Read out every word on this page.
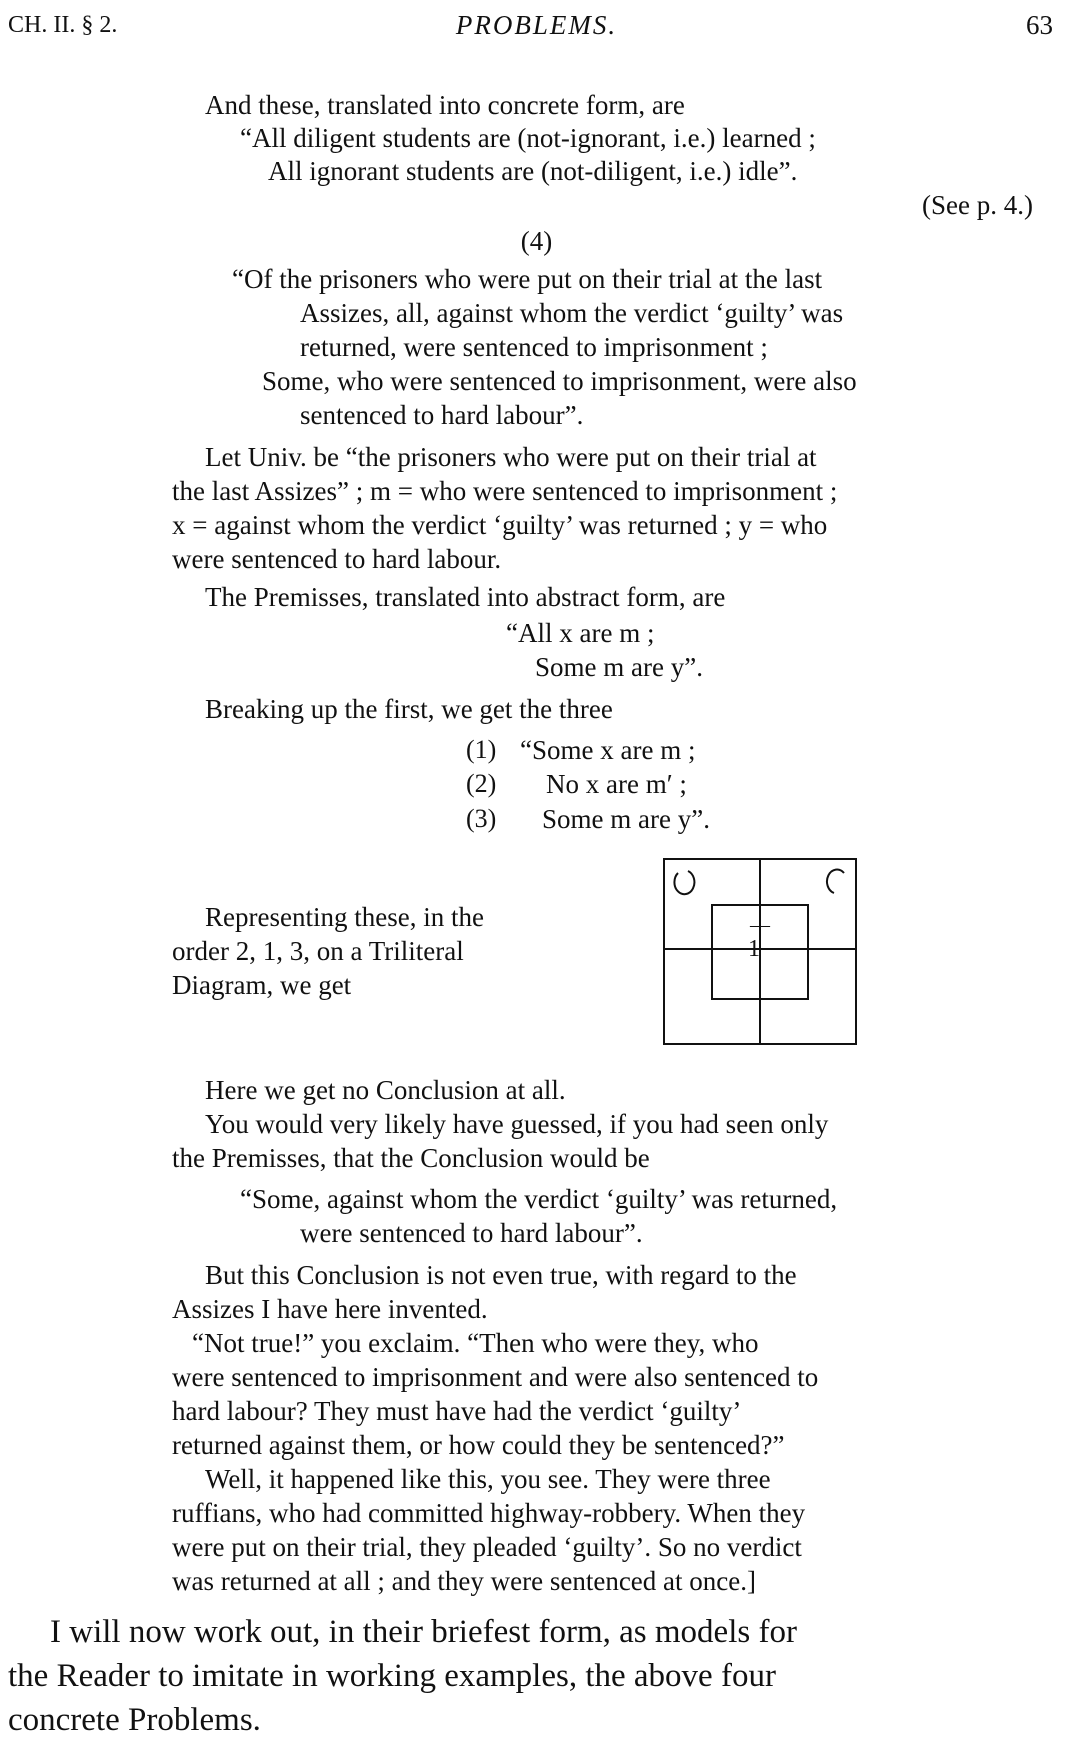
CH. II. § 2.	PROBLEMS.	63
And these, translated into concrete form, are
“All diligent students are (not-ignorant, i.e.) learned ;
All ignorant students are (not-diligent, i.e.) idle”.
(See p. 4.)
(4)
“Of the prisoners who were put on their trial at the last
Assizes, all, against whom the verdict ‘guilty’ was
returned, were sentenced to imprisonment ;
Some, who were sentenced to imprisonment, were also
sentenced to hard labour”.
Let Univ. be “the prisoners who were put on their trial at
the last Assizes” ; m = who were sentenced to imprisonment ;
x = against whom the verdict ‘guilty’ was returned ; y = who
were sentenced to hard labour.
The Premisses, translated into abstract form, are
“All x are m ;
Some m are y”.
Breaking up the first, we get the three
(1) “Some x are m ;
(2) No x are m′ ;
(3) Some m are y”.
Representing these, in the
order 2, 1, 3, on a Triliteral
Diagram, we get
1
—
Here we get no Conclusion at all.
You would very likely have guessed, if you had seen only
the Premisses, that the Conclusion would be
“Some, against whom the verdict ‘guilty’ was returned,
were sentenced to hard labour”.
But this Conclusion is not even true, with regard to the
Assizes I have here invented.
“Not true!” you exclaim. “Then who were they, who
were sentenced to imprisonment and were also sentenced to
hard labour? They must have had the verdict ‘guilty’
returned against them, or how could they be sentenced?”
Well, it happened like this, you see. They were three
ruffians, who had committed highway-robbery. When they
were put on their trial, they pleaded ‘guilty’. So no verdict
was returned at all ; and they were sentenced at once.]
I will now work out, in their briefest form, as models for
the Reader to imitate in working examples, the above four
concrete Problems.
